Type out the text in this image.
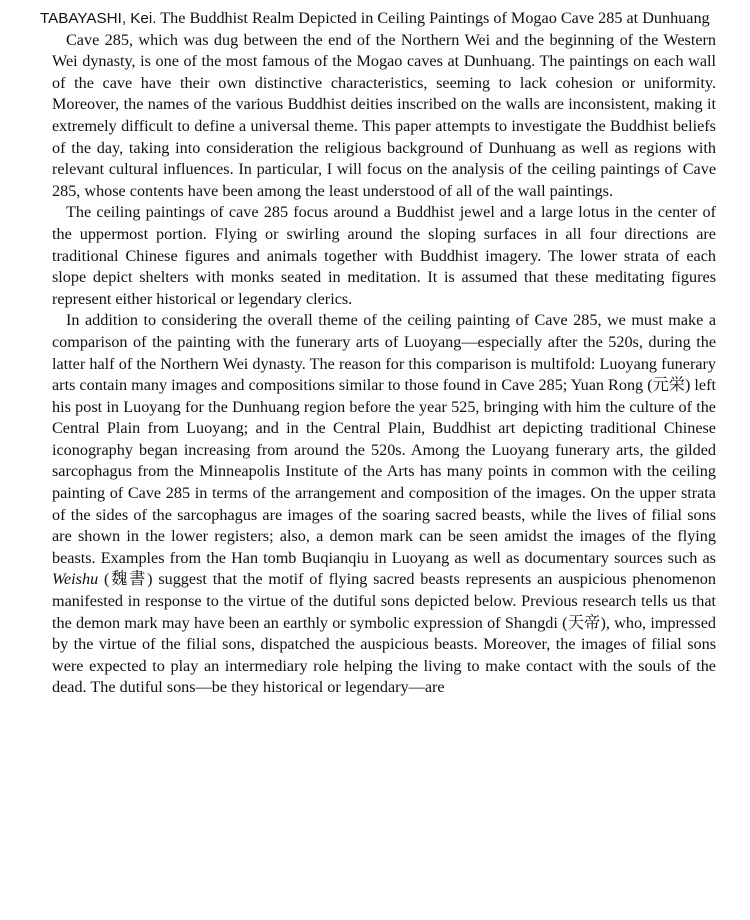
TABAYASHI, Kei. The Buddhist Realm Depicted in Ceiling Paintings of Mogao Cave 285 at Dunhuang

Cave 285, which was dug between the end of the Northern Wei and the beginning of the Western Wei dynasty, is one of the most famous of the Mogao caves at Dunhuang. The paintings on each wall of the cave have their own distinctive characteristics, seeming to lack cohesion or uniformity. Moreover, the names of the various Buddhist deities inscribed on the walls are inconsistent, making it extremely difficult to define a universal theme. This paper attempts to investigate the Buddhist beliefs of the day, taking into consideration the religious background of Dunhuang as well as regions with relevant cultural influences. In particular, I will focus on the analysis of the ceiling paintings of Cave 285, whose contents have been among the least understood of all of the wall paintings.

The ceiling paintings of cave 285 focus around a Buddhist jewel and a large lotus in the center of the uppermost portion. Flying or swirling around the sloping surfaces in all four directions are traditional Chinese figures and animals together with Buddhist imagery. The lower strata of each slope depict shelters with monks seated in meditation. It is assumed that these meditating figures represent either historical or legendary clerics.

In addition to considering the overall theme of the ceiling painting of Cave 285, we must make a comparison of the painting with the funerary arts of Luoyang—especially after the 520s, during the latter half of the Northern Wei dynasty. The reason for this comparison is multifold: Luoyang funerary arts contain many images and compositions similar to those found in Cave 285; Yuan Rong (元栄) left his post in Luoyang for the Dunhuang region before the year 525, bringing with him the culture of the Central Plain from Luoyang; and in the Central Plain, Buddhist art depicting traditional Chinese iconography began increasing from around the 520s. Among the Luoyang funerary arts, the gilded sarcophagus from the Minneapolis Institute of the Arts has many points in common with the ceiling painting of Cave 285 in terms of the arrangement and composition of the images. On the upper strata of the sides of the sarcophagus are images of the soaring sacred beasts, while the lives of filial sons are shown in the lower registers; also, a demon mark can be seen amidst the images of the flying beasts. Examples from the Han tomb Buqianqiu in Luoyang as well as documentary sources such as Weishu (魏書) suggest that the motif of flying sacred beasts represents an auspicious phenomenon manifested in response to the virtue of the dutiful sons depicted below. Previous research tells us that the demon mark may have been an earthly or symbolic expression of Shangdi (天帝), who, impressed by the virtue of the filial sons, dispatched the auspicious beasts. Moreover, the images of filial sons were expected to play an intermediary role helping the living to make contact with the souls of the dead. The dutiful sons—be they historical or legendary—are
